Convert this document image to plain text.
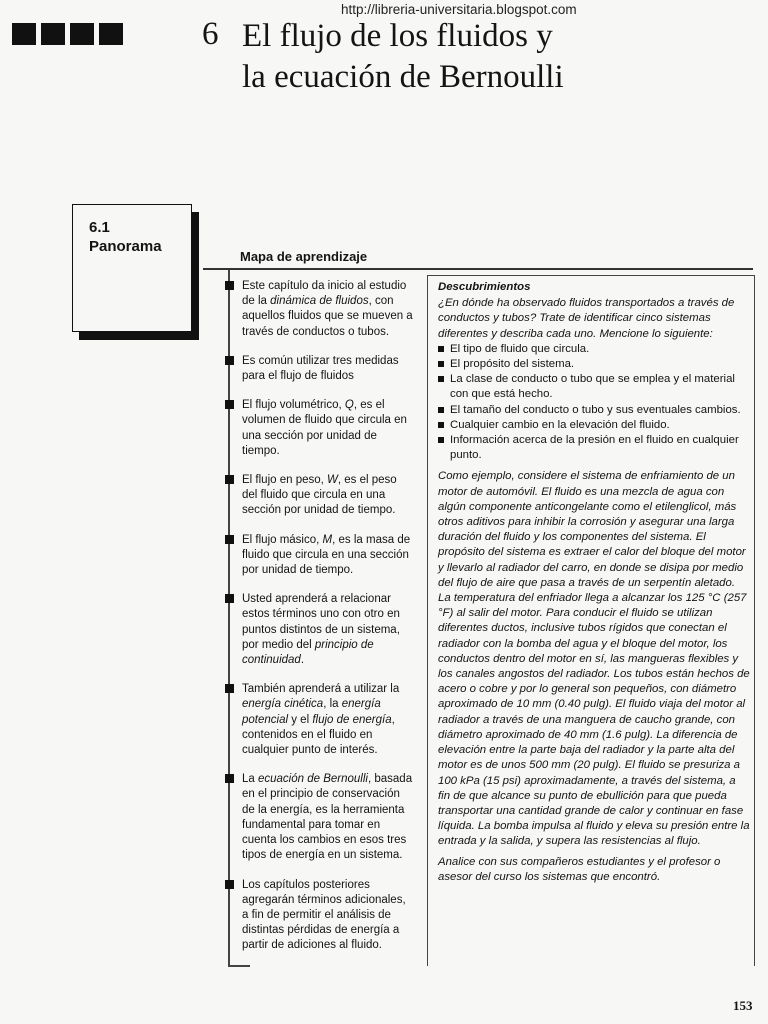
http://libreria-universitaria.blogspot.com
6 El flujo de los fluidos y
la ecuación de Bernoulli
6.1
Panorama
Mapa de aprendizaje
Este capítulo da inicio al estudio de la dinámica de fluidos, con aquellos fluidos que se mueven a través de conductos o tubos.
Es común utilizar tres medidas para el flujo de fluidos
El flujo volumétrico, Q, es el volumen de fluido que circula en una sección por unidad de tiempo.
El flujo en peso, W, es el peso del fluido que circula en una sección por unidad de tiempo.
El flujo másico, M, es la masa de fluido que circula en una sección por unidad de tiempo.
Usted aprenderá a relacionar estos términos uno con otro en puntos distintos de un sistema, por medio del principio de continuidad.
También aprenderá a utilizar la energía cinética, la energía potencial y el flujo de energía, contenidos en el fluido en cualquier punto de interés.
La ecuación de Bernoulli, basada en el principio de conservación de la energía, es la herramienta fundamental para tomar en cuenta los cambios en esos tres tipos de energía en un sistema.
Los capítulos posteriores agregarán términos adicionales, a fin de permitir el análisis de distintas pérdidas de energía a partir de adiciones al fluido.
Descubrimientos
¿En dónde ha observado fluidos transportados a través de conductos y tubos? Trate de identificar cinco sistemas diferentes y describa cada uno. Mencione lo siguiente:
El tipo de fluido que circula.
El propósito del sistema.
La clase de conducto o tubo que se emplea y el material con que está hecho.
El tamaño del conducto o tubo y sus eventuales cambios.
Cualquier cambio en la elevación del fluido.
Información acerca de la presión en el fluido en cualquier punto.

Como ejemplo, considere el sistema de enfriamiento de un motor de automóvil. El fluido es una mezcla de agua con algún componente anticongelante como el etilenglicol, más otros aditivos para inhibir la corrosión y asegurar una larga duración del fluido y los componentes del sistema. El propósito del sistema es extraer el calor del bloque del motor y llevarlo al radiador del carro, en donde se disipa por medio del flujo de aire que pasa a través de un serpentín aletado. La temperatura del enfriador llega a alcanzar los 125 °C (257 °F) al salir del motor. Para conducir el fluido se utilizan diferentes ductos, inclusive tubos rígidos que conectan el radiador con la bomba del agua y el bloque del motor, los conductos dentro del motor en sí, las mangueras flexibles y los canales angostos del radiador. Los tubos están hechos de acero o cobre y por lo general son pequeños, con diámetro aproximado de 10 mm (0.40 pulg). El fluido viaja del motor al radiador a través de una manguera de caucho grande, con diámetro aproximado de 40 mm (1.6 pulg). La diferencia de elevación entre la parte baja del radiador y la parte alta del motor es de unos 500 mm (20 pulg). El fluido se presuriza a 100 kPa (15 psi) aproximadamente, a través del sistema, a fin de que alcance su punto de ebullición para que pueda transportar una cantidad grande de calor y continuar en fase líquida. La bomba impulsa al fluido y eleva su presión entre la entrada y la salida, y supera las resistencias al flujo.

Analice con sus compañeros estudiantes y el profesor o asesor del curso los sistemas que encontró.

153
